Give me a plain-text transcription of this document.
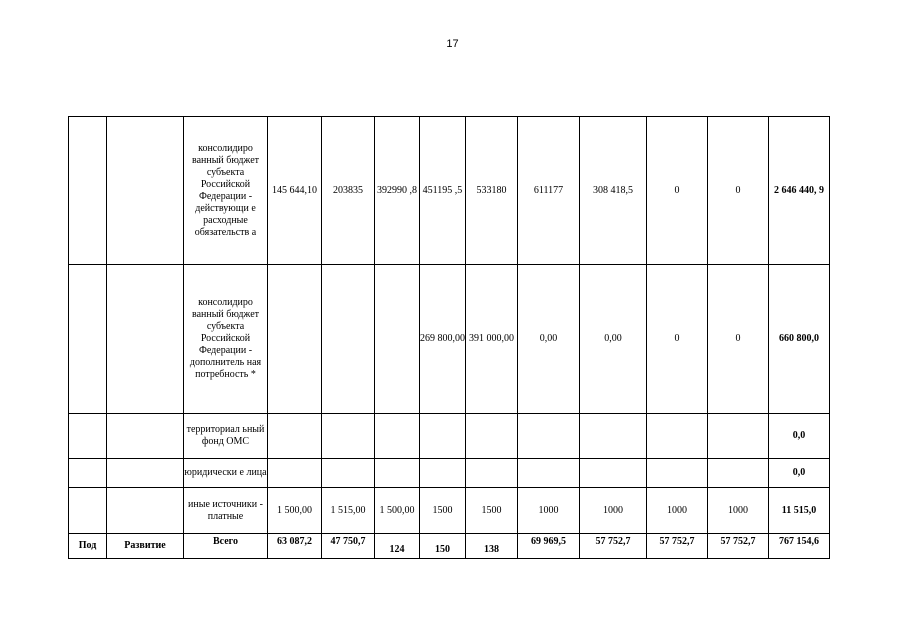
17
		консолидиро ванный бюджет субъекта Российской Федерации - действующи е расходные обязательств а	145 644,10	203835	392990 ,8	451195 ,5	533180	611177	308 418,5	0	0	2 646 440, 9
		консолидиро ванный бюджет субъекта Российской Федерации - дополнитель ная потребность *				269 800,00	391 000,00	0,00	0,00	0	0	660 800,0
		территориал ьный фонд ОМС										0,0
		юридически е лица										0,0
		иные источники - платные	1 500,00	1 515,00	1 500,00	1500	1500	1000	1000	1000	1000	11 515,0
Под	Развитие	Всего	63 087,2	47 750,7	124	150	138	69 969,5	57 752,7	57 752,7	57 752,7	767 154,6
